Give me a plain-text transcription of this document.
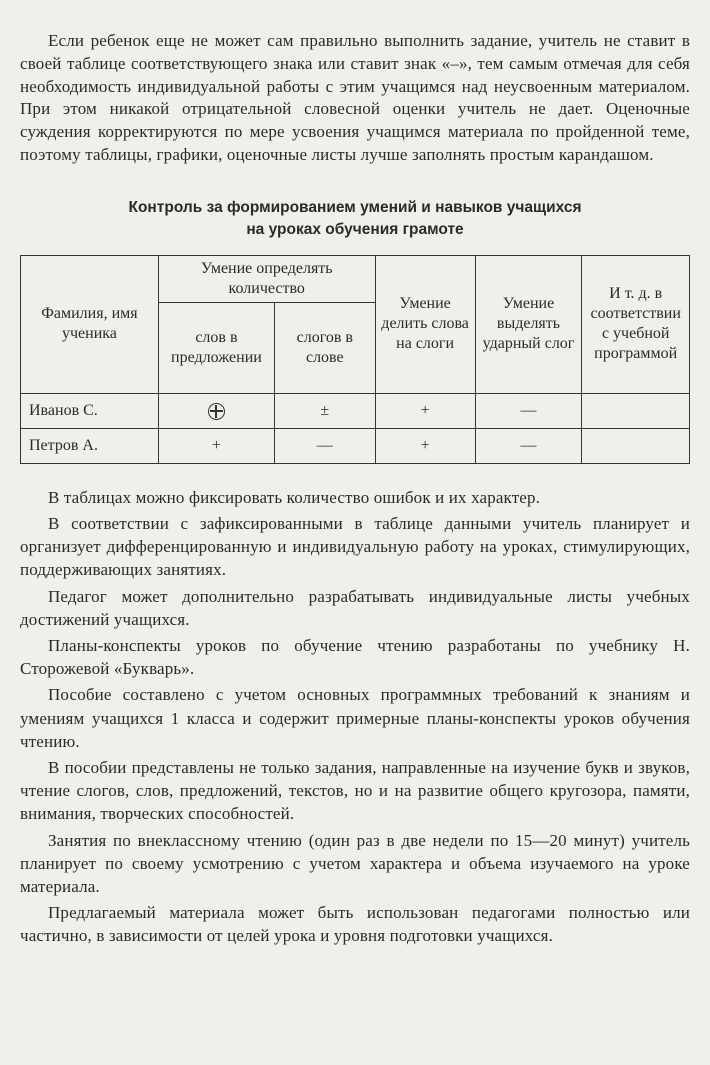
Если ребенок еще не может сам правильно выполнить задание, учитель не ставит в своей таблице соответствующего знака или ставит знак «–», тем самым отмечая для себя необходимость индивидуальной работы с этим учащимся над неусвоенным материалом. При этом никакой отрицательной словесной оценки учитель не дает. Оценочные суждения корректируются по мере усвоения учащимся материала по пройденной теме, поэтому таблицы, графики, оценочные листы лучше заполнять простым карандашом.

Контроль за формированием умений и навыков учащихся
на уроках обучения грамоте
Фамилия, имя ученика	Умение определять количество		Умение делить слова на слоги	Умение выделять ударный слог	И т. д. в соответствии с учебной программой
	слов в предложении	слогов в слове			
Иванов С.		±	+	—	
Петров А.	+	—	+	—	

В таблицах можно фиксировать количество ошибок и их характер.

В соответствии с зафиксированными в таблице данными учитель планирует и организует дифференцированную и индивидуальную работу на уроках, стимулирующих, поддерживающих занятиях.

Педагог может дополнительно разрабатывать индивидуальные листы учебных достижений учащихся.

Планы-конспекты уроков по обучение чтению разработаны по учебнику Н. Сторожевой «Букварь».

Пособие составлено с учетом основных программных требований к знаниям и умениям учащихся 1 класса и содержит примерные планы-конспекты уроков обучения чтению.

В пособии представлены не только задания, направленные на изучение букв и звуков, чтение слогов, слов, предложений, текстов, но и на развитие общего кругозора, памяти, внимания, творческих способностей.

Занятия по внеклассному чтению (один раз в две недели по 15—20 минут) учитель планирует по своему усмотрению с учетом характера и объема изучаемого на уроке материала.

Предлагаемый материала может быть использован педагогами полностью или частично, в зависимости от целей урока и уровня подготовки учащихся.
